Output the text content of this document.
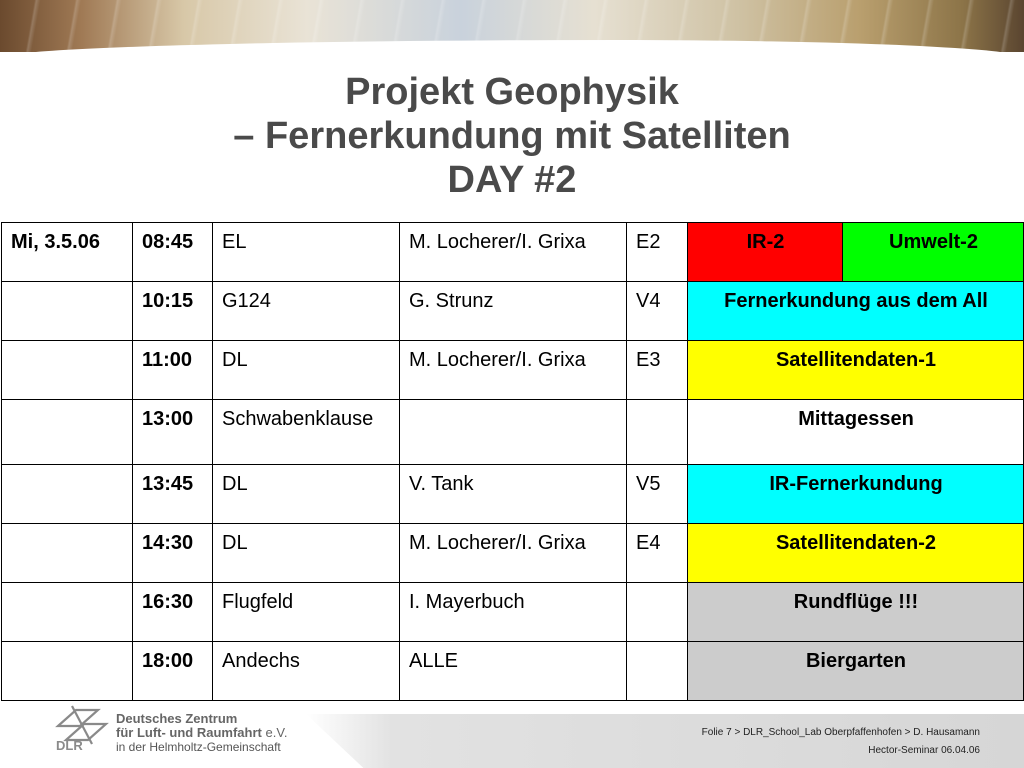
Projekt Geophysik
– Fernerkundung mit Satelliten
DAY #2
Mi, 3.5.06	08:45	EL	M. Locherer/I. Grixa	E2	IR-2	Umwelt-2
	10:15	G124	G. Strunz	V4	Fernerkundung aus dem All	
	11:00	DL	M. Locherer/I. Grixa	E3	Satellitendaten-1	
	13:00	Schwabenklause			Mittagessen	
	13:45	DL	V. Tank	V5	IR-Fernerkundung	
	14:30	DL	M. Locherer/I. Grixa	E4	Satellitendaten-2	
	16:30	Flugfeld	I. Mayerbuch		Rundflüge !!!	
	18:00	Andechs	ALLE		Biergarten	
DLR
Deutsches Zentrum
für Luft- und Raumfahrt e.V.
in der Helmholtz-Gemeinschaft
Folie 7 > DLR_School_Lab Oberpfaffenhofen > D. Hausamann
Hector-Seminar 06.04.06
